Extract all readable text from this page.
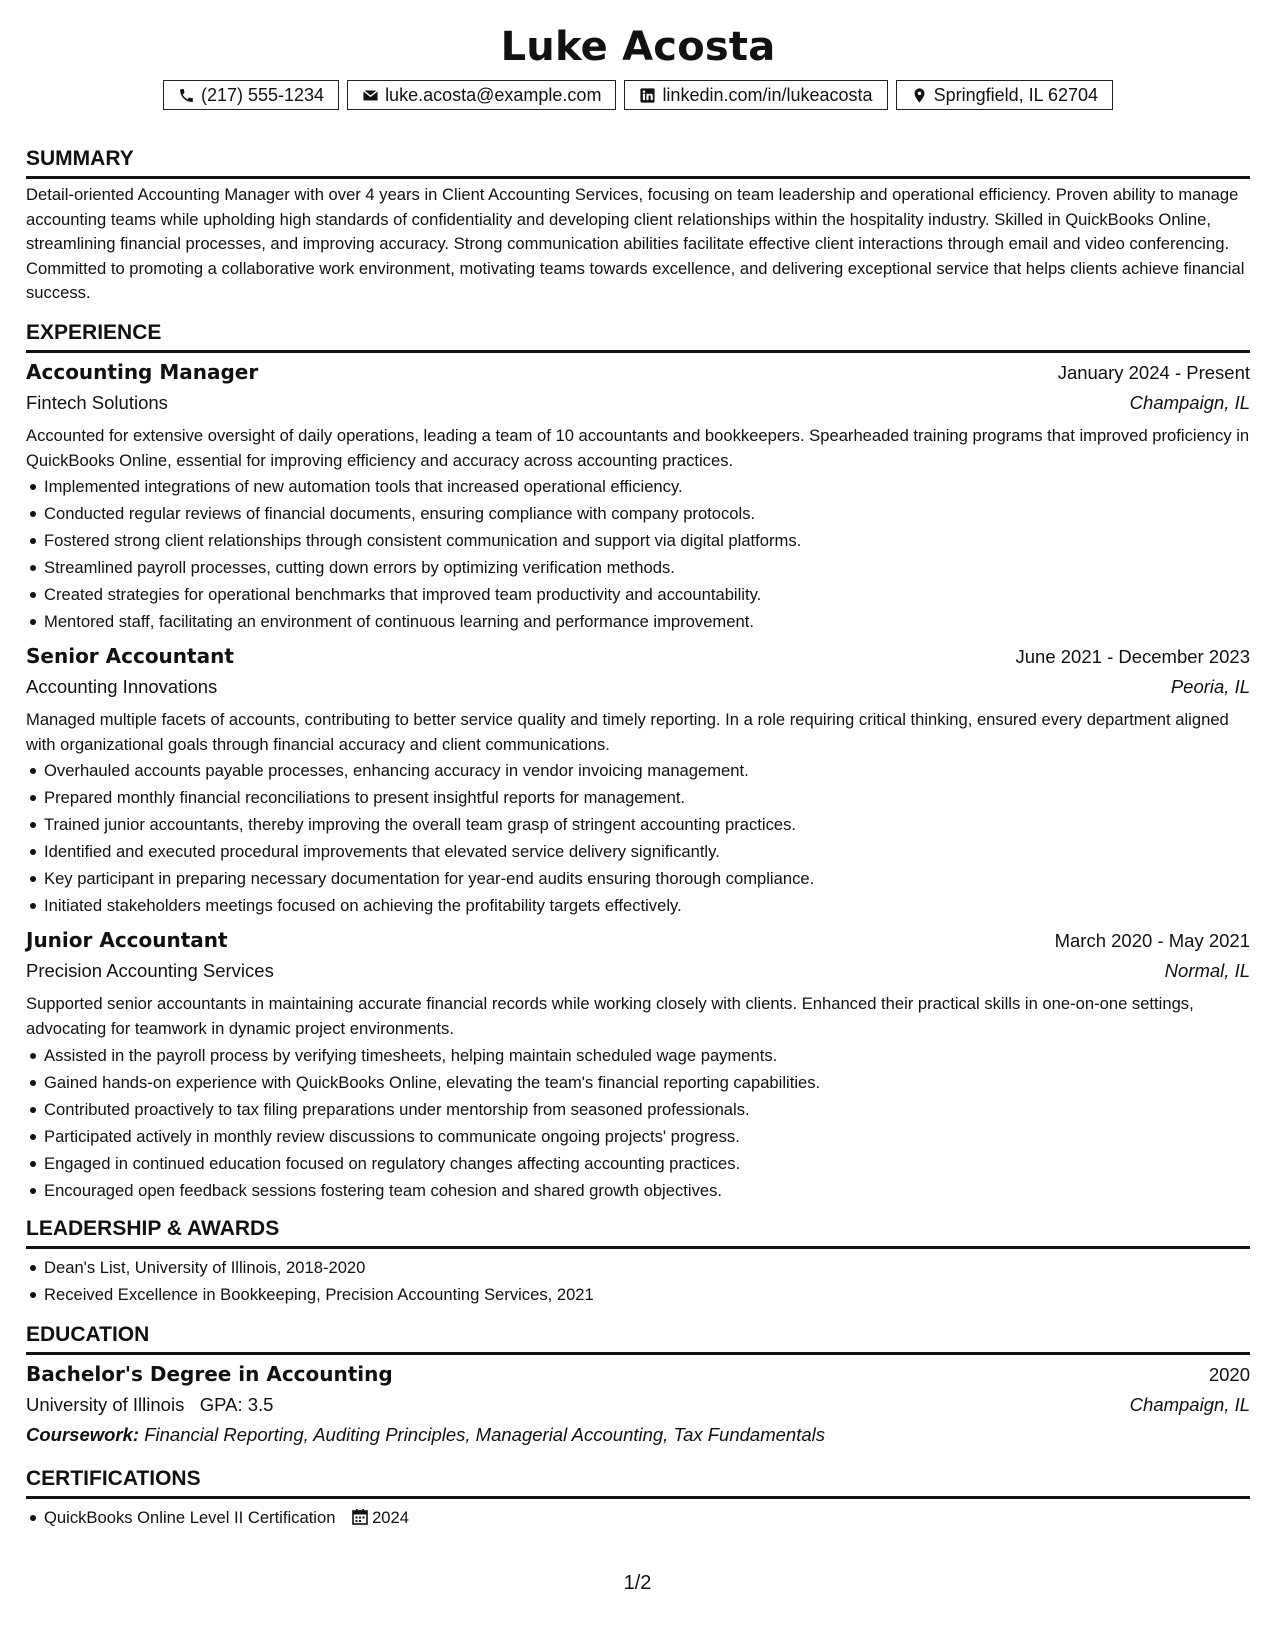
Luke Acosta
(217) 555-1234	luke.acosta@example.com	linkedin.com/in/lukeacosta	Springfield, IL 62704
SUMMARY

Detail-oriented Accounting Manager with over 4 years in Client Accounting Services, focusing on team leadership and operational efficiency. Proven ability to manage accounting teams while upholding high standards of confidentiality and developing client relationships within the hospitality industry. Skilled in QuickBooks Online, streamlining financial processes, and improving accuracy. Strong communication abilities facilitate effective client interactions through email and video conferencing. Committed to promoting a collaborative work environment, motivating teams towards excellence, and delivering exceptional service that helps clients achieve financial success.

EXPERIENCE
Accounting Manager	January 2024 - Present
Fintech Solutions	Champaign, IL

Accounted for extensive oversight of daily operations, leading a team of 10 accountants and bookkeepers. Spearheaded training programs that improved proficiency in QuickBooks Online, essential for improving efficiency and accuracy across accounting practices.

Implemented integrations of new automation tools that increased operational efficiency.
Conducted regular reviews of financial documents, ensuring compliance with company protocols.
Fostered strong client relationships through consistent communication and support via digital platforms.
Streamlined payroll processes, cutting down errors by optimizing verification methods.
Created strategies for operational benchmarks that improved team productivity and accountability.
Mentored staff, facilitating an environment of continuous learning and performance improvement.
Senior Accountant	June 2021 - December 2023
Accounting Innovations	Peoria, IL

Managed multiple facets of accounts, contributing to better service quality and timely reporting. In a role requiring critical thinking, ensured every department aligned with organizational goals through financial accuracy and client communications.

Overhauled accounts payable processes, enhancing accuracy in vendor invoicing management.
Prepared monthly financial reconciliations to present insightful reports for management.
Trained junior accountants, thereby improving the overall team grasp of stringent accounting practices.
Identified and executed procedural improvements that elevated service delivery significantly.
Key participant in preparing necessary documentation for year-end audits ensuring thorough compliance.
Initiated stakeholders meetings focused on achieving the profitability targets effectively.
Junior Accountant	March 2020 - May 2021
Precision Accounting Services	Normal, IL

Supported senior accountants in maintaining accurate financial records while working closely with clients. Enhanced their practical skills in one-on-one settings, advocating for teamwork in dynamic project environments.

Assisted in the payroll process by verifying timesheets, helping maintain scheduled wage payments.
Gained hands-on experience with QuickBooks Online, elevating the team's financial reporting capabilities.
Contributed proactively to tax filing preparations under mentorship from seasoned professionals.
Participated actively in monthly review discussions to communicate ongoing projects' progress.
Engaged in continued education focused on regulatory changes affecting accounting practices.
Encouraged open feedback sessions fostering team cohesion and shared growth objectives.
LEADERSHIP & AWARDS
Dean's List, University of Illinois, 2018-2020
Received Excellence in Bookkeeping, Precision Accounting Services, 2021
EDUCATION
Bachelor's Degree in Accounting	2020
University of Illinois GPA: 3.5	Champaign, IL
Coursework: Financial Reporting, Auditing Principles, Managerial Accounting, Tax Fundamentals
CERTIFICATIONS
QuickBooks Online Level II Certification 2024
1/2
